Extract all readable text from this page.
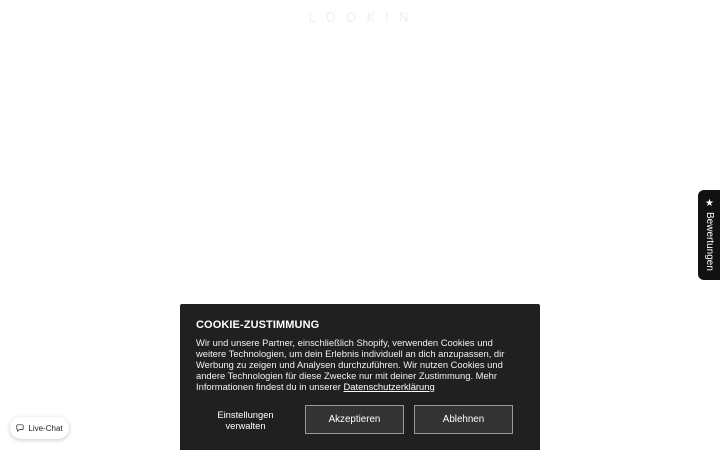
L O O K I N
★Bewertungen
Live-Chat
COOKIE-ZUSTIMMUNG

Wir und unsere Partner, einschließlich Shopify, verwenden Cookies und weitere Technologien, um dein Erlebnis individuell an dich anzupassen, dir Werbung zu zeigen und Analysen durchzuführen. Wir nutzen Cookies und andere Technologien für diese Zwecke nur mit deiner Zustimmung. Mehr Informationen findest du in unserer Datenschutzerklärung

Einstellungen verwalten	Akzeptieren	Ablehnen
